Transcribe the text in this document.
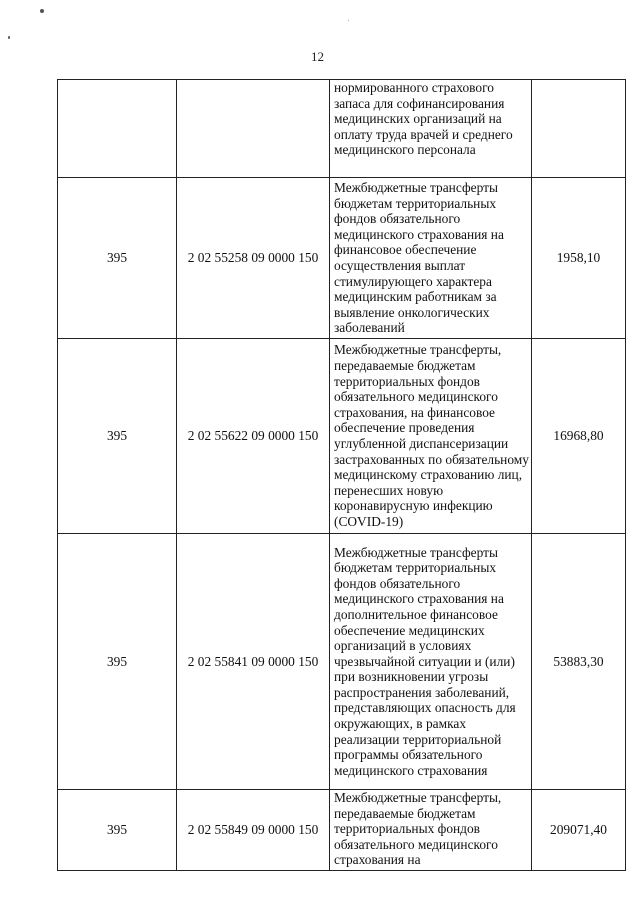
12

		нормированного страхового запаса для софинансирования медицинских организаций на оплату труда врачей и среднего медицинского персонала	

395	2 02 55258 09 0000 150	Межбюджетные трансферты бюджетам территориальных фондов обязательного медицинского страхования на финансовое обеспечение осуществления выплат стимулирующего характера медицинским работникам за выявление онкологических заболеваний	1958,10
395	2 02 55622 09 0000 150	Межбюджетные трансферты, передаваемые бюджетам территориальных фондов обязательного медицинского страхования, на финансовое обеспечение проведения углубленной диспансеризации застрахованных по обязательному медицинскому страхованию лиц, перенесших новую коронавирусную инфекцию (COVID-19)	16968,80
395	2 02 55841 09 0000 150	Межбюджетные трансферты бюджетам территориальных фондов обязательного медицинского страхования на дополнительное финансовое обеспечение медицинских организаций в условиях чрезвычайной ситуации и (или) при возникновении угрозы распространения заболеваний, представляющих опасность для окружающих, в рамках реализации территориальной программы обязательного медицинского страхования	53883,30
395	2 02 55849 09 0000 150	Межбюджетные трансферты, передаваемые бюджетам территориальных фондов обязательного медицинского страхования на	209071,40
